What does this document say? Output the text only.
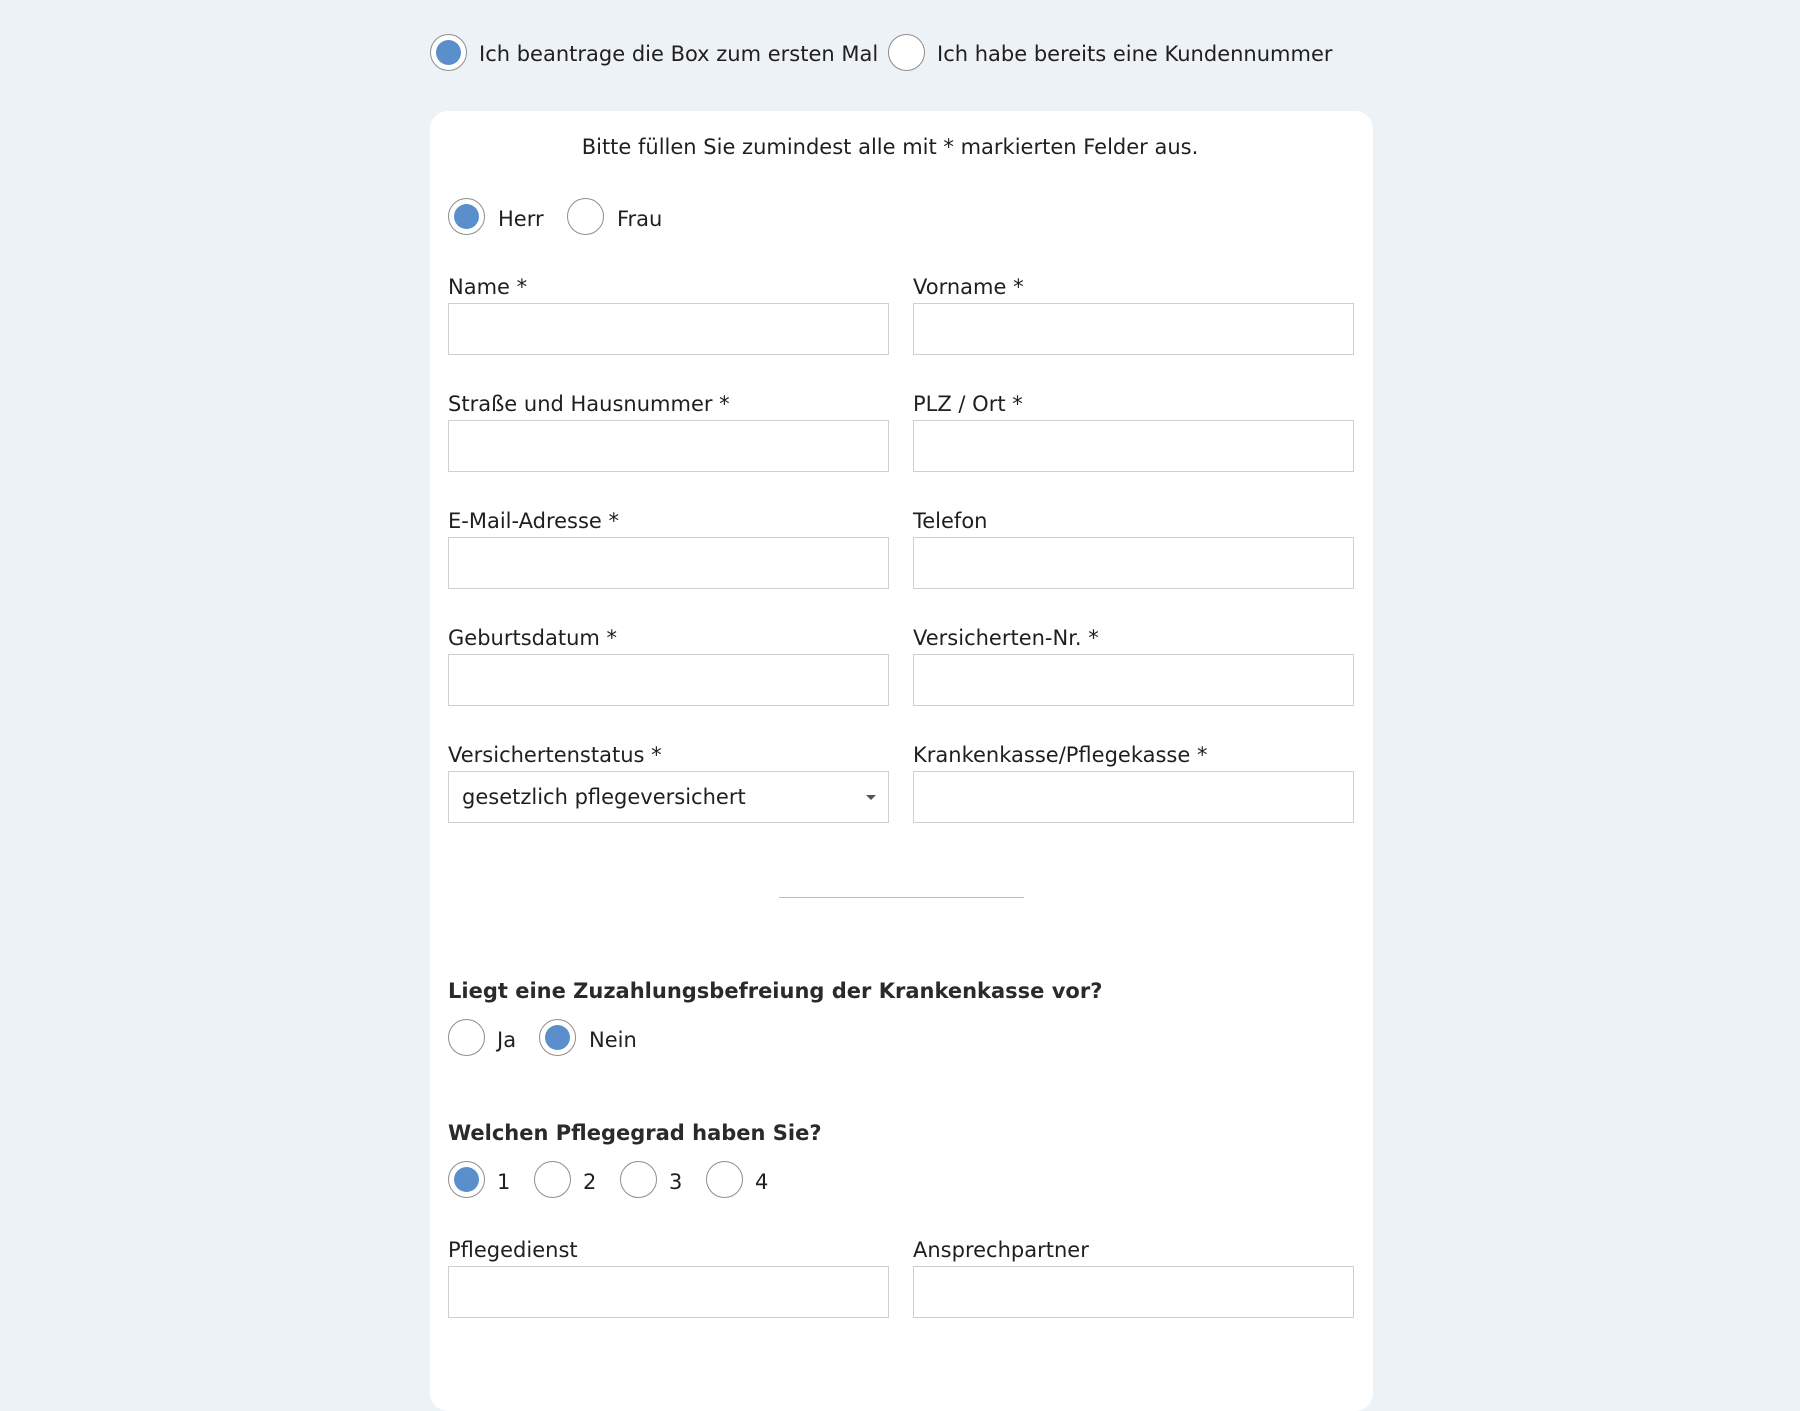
Ich beantrage die Box zum ersten Mal	Ich habe bereits eine Kundennummer
Bitte füllen Sie zumindest alle mit * markierten Felder aus.
Herr	Frau
Name *	Vorname *
Straße und Hausnummer *	PLZ / Ort *
E-Mail-Adresse *	Telefon
Geburtsdatum *	Versicherten-Nr. *
Versichertenstatus *
gesetzlich pflegeversichert
Krankenkasse/Pflegekasse *
Liegt eine Zuzahlungsbefreiung der Krankenkasse vor?
Ja	Nein
Welchen Pflegegrad haben Sie?
1	2	3	4
Pflegedienst	Ansprechpartner
